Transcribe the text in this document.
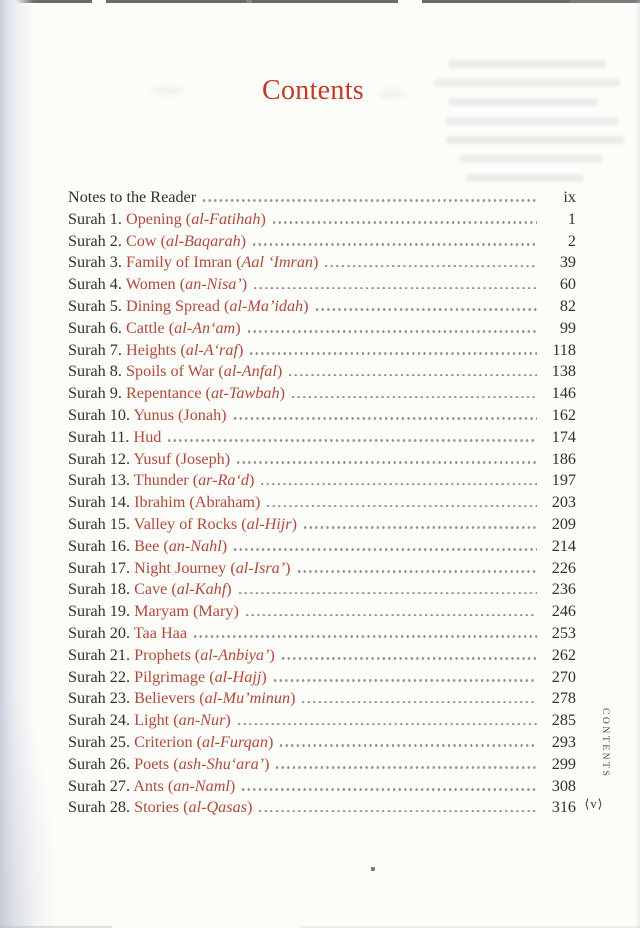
Contents
Notes to the Reader	ix
Surah 1. Opening (al-Fatihah)	1
Surah 2. Cow (al-Baqarah)	2
Surah 3. Family of Imran (Aal ‘Imran)	39
Surah 4. Women (an-Nisa’)	60
Surah 5. Dining Spread (al-Ma’idah)	82
Surah 6. Cattle (al-An‘am)	99
Surah 7. Heights (al-A‘raf)	118
Surah 8. Spoils of War (al-Anfal)	138
Surah 9. Repentance (at-Tawbah)	146
Surah 10. Yunus (Jonah)	162
Surah 11. Hud	174
Surah 12. Yusuf (Joseph)	186
Surah 13. Thunder (ar-Ra‘d)	197
Surah 14. Ibrahim (Abraham)	203
Surah 15. Valley of Rocks (al-Hijr)	209
Surah 16. Bee (an-Nahl)	214
Surah 17. Night Journey (al-Isra’)	226
Surah 18. Cave (al-Kahf)	236
Surah 19. Maryam (Mary)	246
Surah 20. Taa Haa	253
Surah 21. Prophets (al-Anbiya’)	262
Surah 22. Pilgrimage (al-Hajj)	270
Surah 23. Believers (al-Mu’minun)	278
Surah 24. Light (an-Nur)	285
Surah 25. Criterion (al-Furqan)	293
Surah 26. Poets (ash-Shu‘ara’)	299
Surah 27. Ants (an-Naml)	308
Surah 28. Stories (al-Qasas)	316
CONTENTS
⟨v⟩
